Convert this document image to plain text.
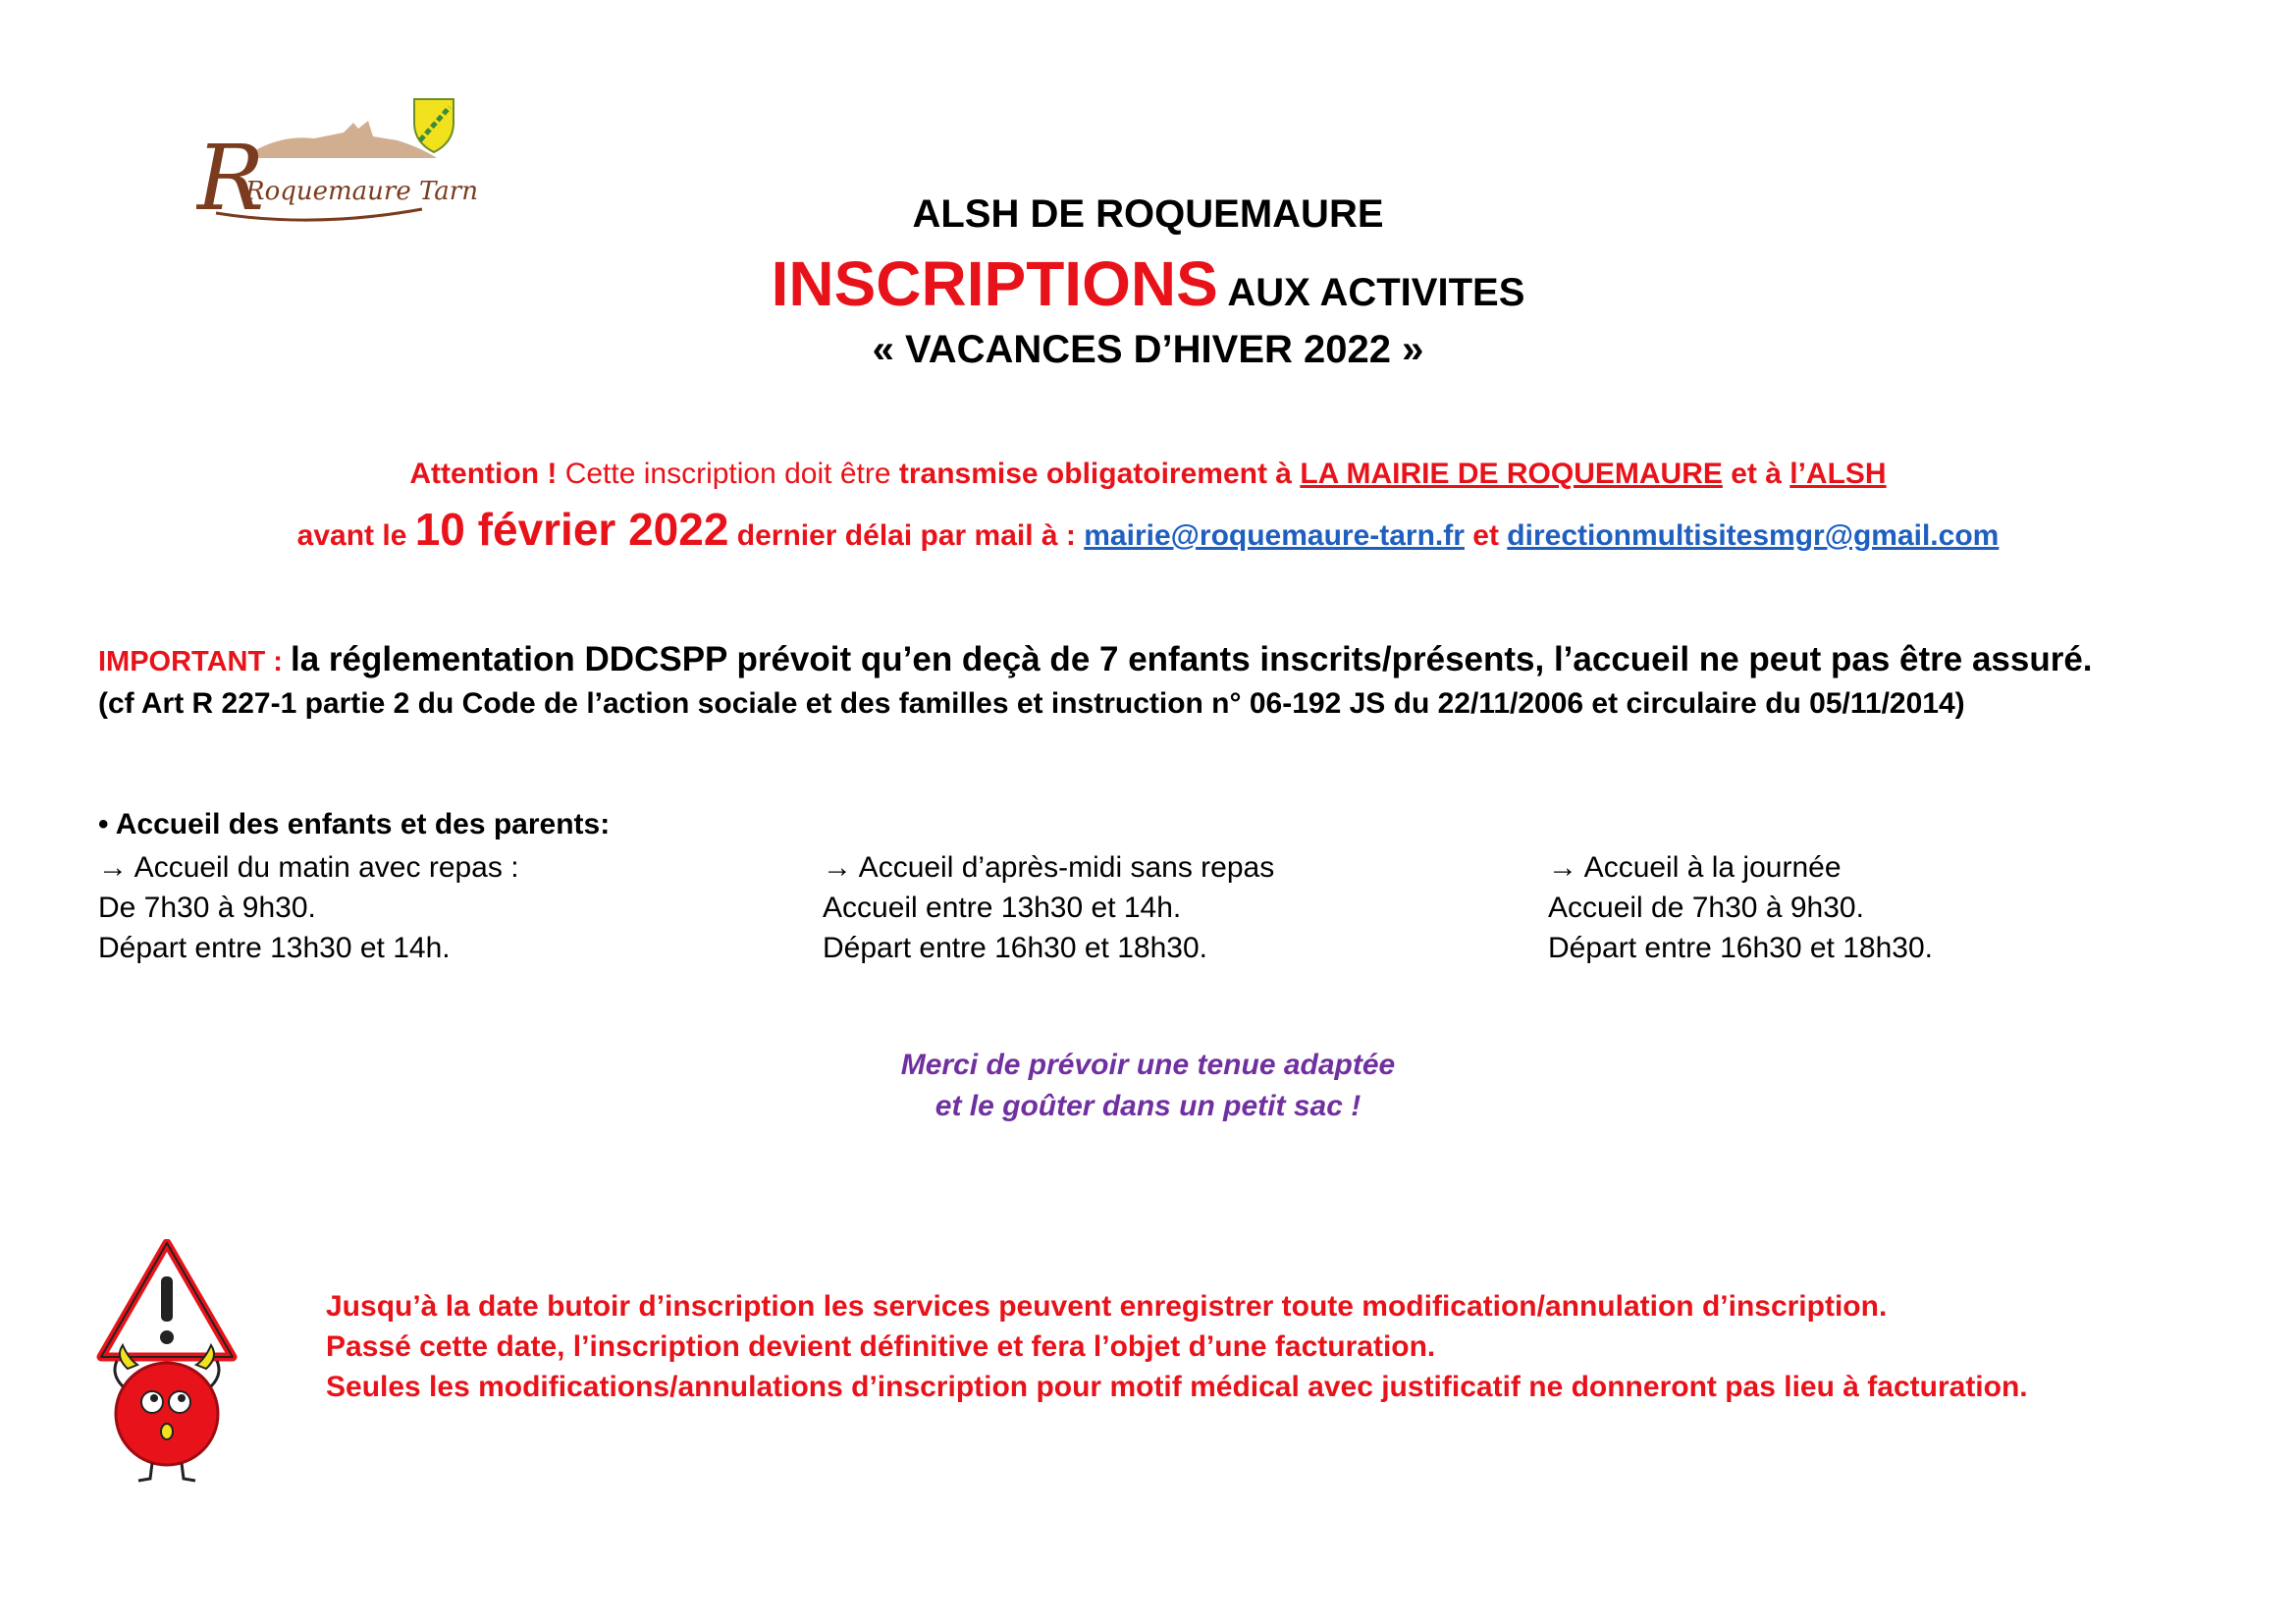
R
Roquemaure Tarn
ALSH DE ROQUEMAURE
INSCRIPTIONS AUX ACTIVITES
« VACANCES D’HIVER 2022 »
Attention ! Cette inscription doit être transmise obligatoirement à LA MAIRIE DE ROQUEMAURE et à l’ALSH
avant le 10 février 2022 dernier délai par mail à : mairie@roquemaure-tarn.fr et directionmultisitesmgr@gmail.com
IMPORTANT : la réglementation DDCSPP prévoit qu’en deçà de 7 enfants inscrits/présents, l’accueil ne peut pas être assuré.
(cf Art R 227-1 partie 2 du Code de l’action sociale et des familles et instruction n° 06-192 JS du 22/11/2006 et circulaire du 05/11/2014)
• Accueil des enfants et des parents:
→ Accueil du matin avec repas :
De 7h30 à 9h30.
Départ entre 13h30 et 14h.
→ Accueil d’après-midi sans repas
Accueil entre 13h30 et 14h.
Départ entre 16h30 et 18h30.
→ Accueil à la journée
Accueil de 7h30 à 9h30.
Départ entre 16h30 et 18h30.
Merci de prévoir une tenue adaptée
et le goûter dans un petit sac !
Jusqu’à la date butoir d’inscription les services peuvent enregistrer toute modification/annulation d’inscription.
Passé cette date, l’inscription devient définitive et fera l’objet d’une facturation.
Seules les modifications/annulations d’inscription pour motif médical avec justificatif ne donneront pas lieu à facturation.
